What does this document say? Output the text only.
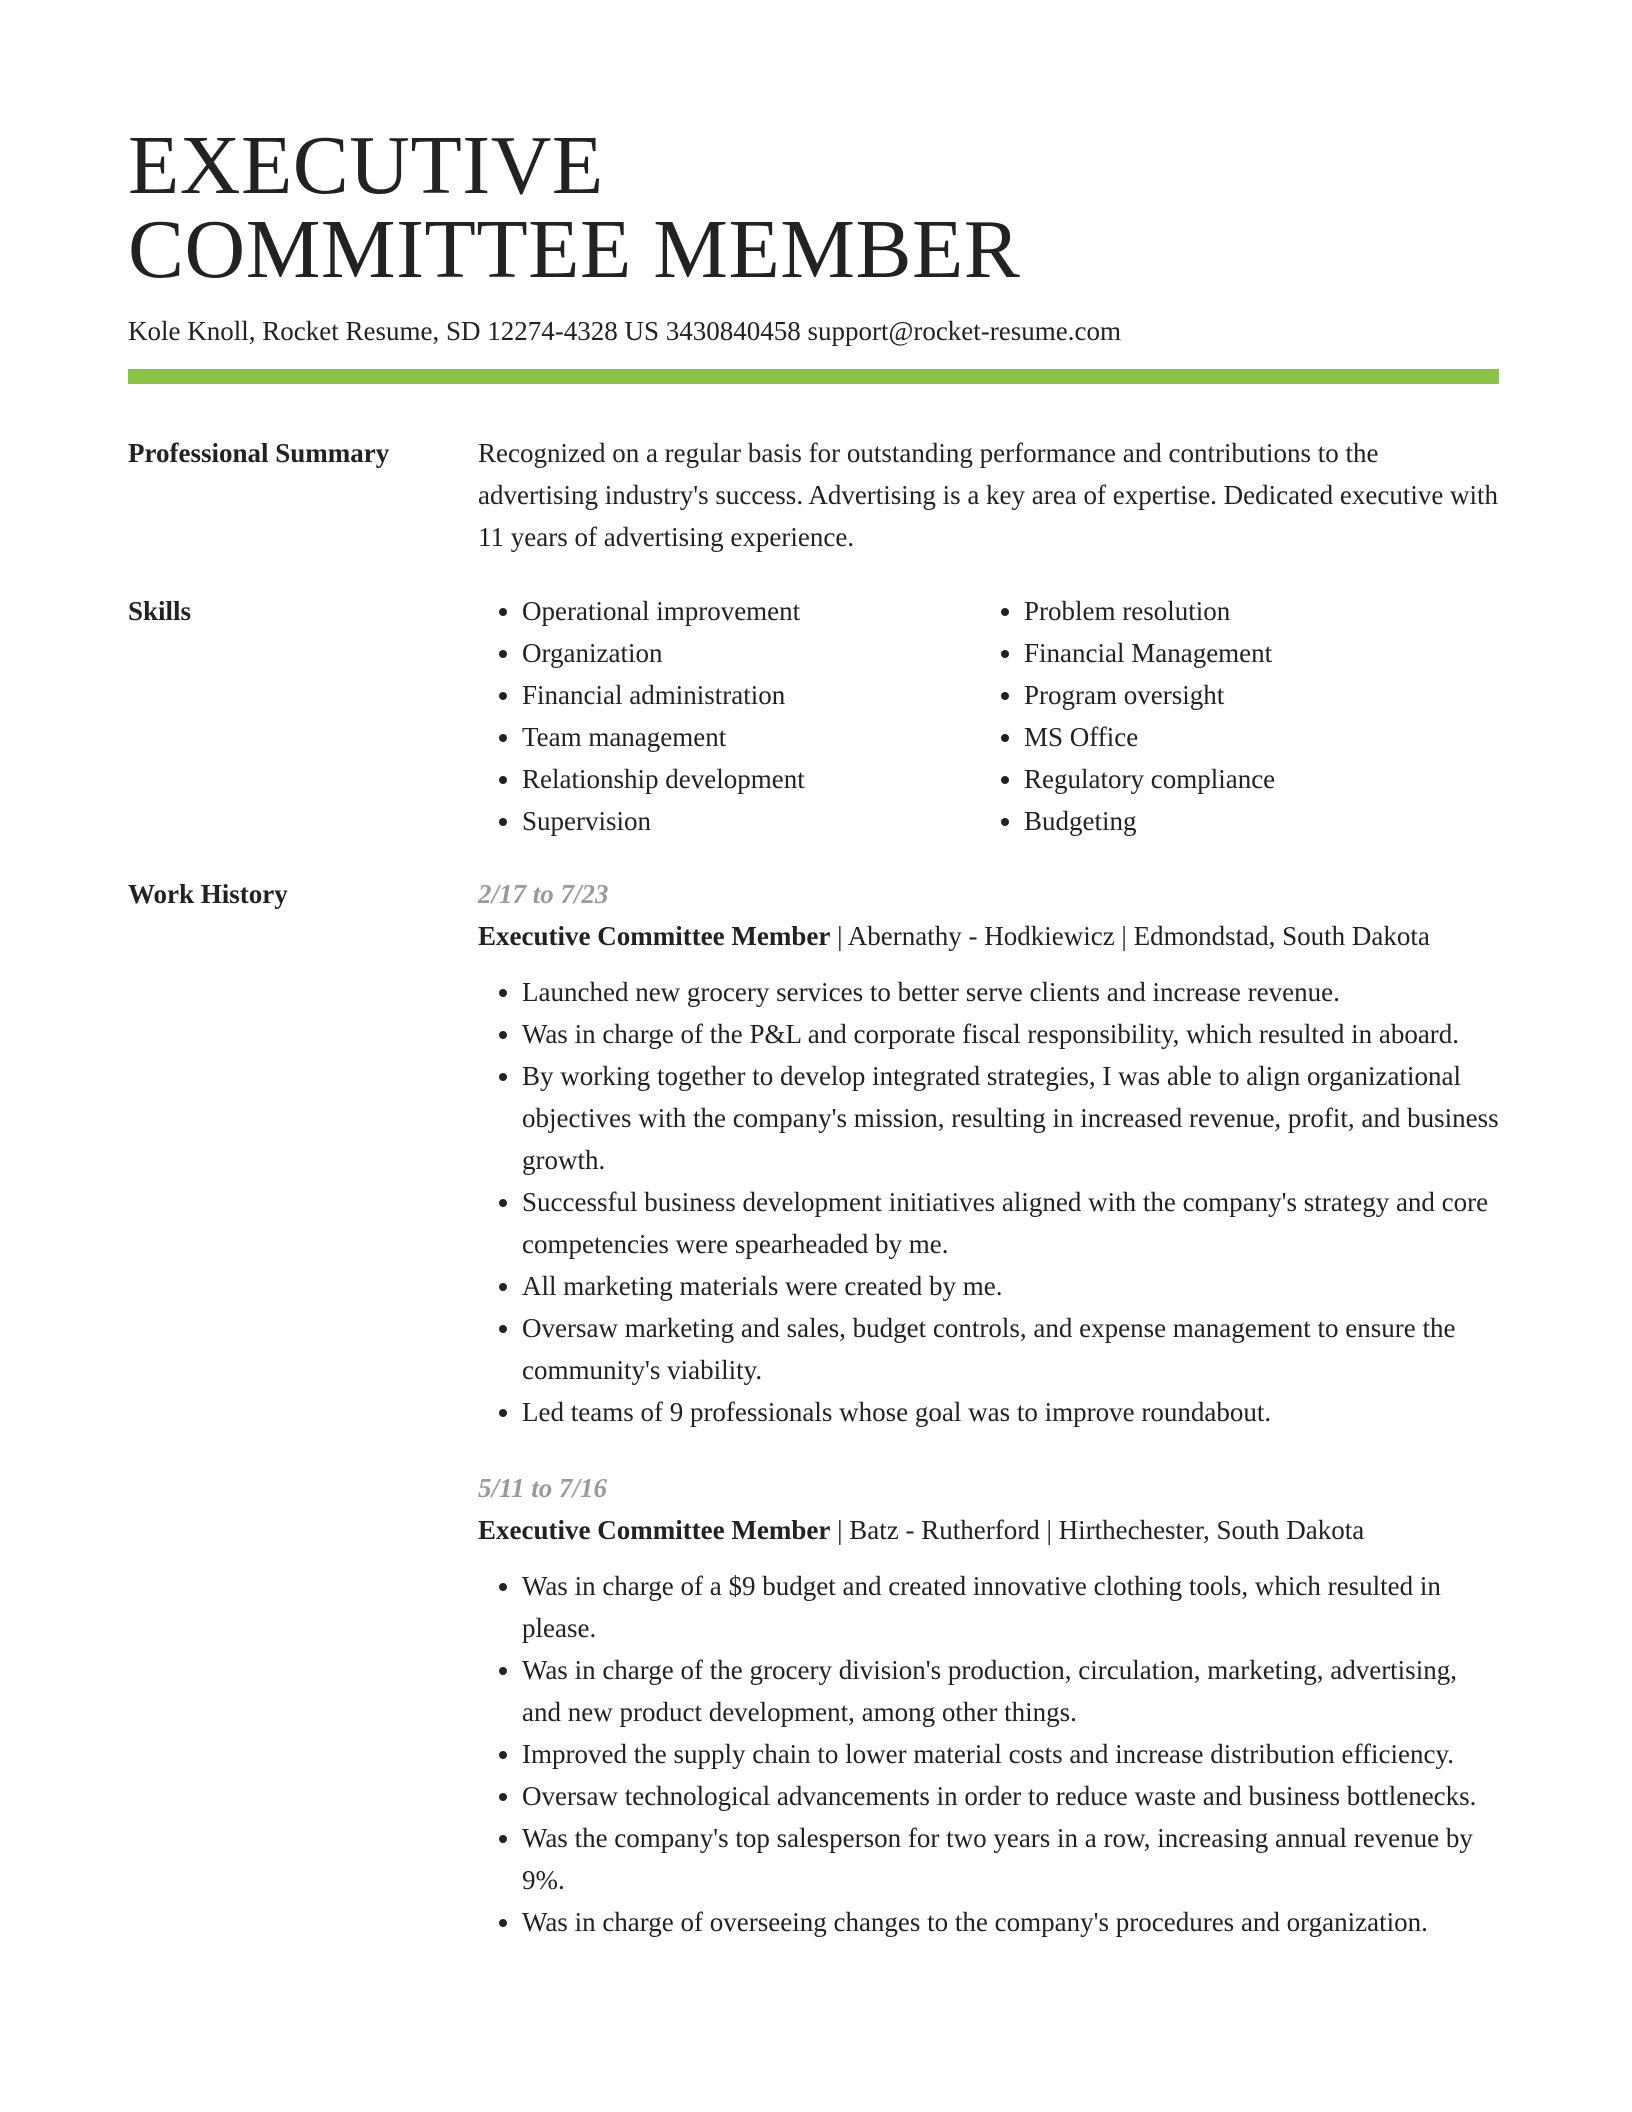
EXECUTIVE
COMMITTEE MEMBER
Kole Knoll, Rocket Resume, SD 12274-4328 US 3430840458 support@rocket-resume.com
Professional Summary	Recognized on a regular basis for outstanding performance and contributions to the advertising industry's success. Advertising is a key area of expertise. Dedicated executive with 11 years of advertising experience.

Skills
•	Operational improvement
• Organization
• Financial administration
• Team management
• Relationship development
• Supervision
• Problem resolution
• Financial Management
• Program oversight
• MS Office
• Regulatory compliance
• Budgeting
Work History	2/17 to 7/23
Executive Committee Member | Abernathy - Hodkiewicz | Edmondstad, South Dakota
• Launched new grocery services to better serve clients and increase revenue.
• Was in charge of the P&L and corporate fiscal responsibility, which resulted in aboard.
• By working together to develop integrated strategies, I was able to align organizational objectives with the company's mission, resulting in increased revenue, profit, and business growth.
• Successful business development initiatives aligned with the company's strategy and core competencies were spearheaded by me.
• All marketing materials were created by me.
• Oversaw marketing and sales, budget controls, and expense management to ensure the community's viability.
• Led teams of 9 professionals whose goal was to improve roundabout.
5/11 to 7/16
Executive Committee Member | Batz - Rutherford | Hirthechester, South Dakota
• Was in charge of a $9 budget and created innovative clothing tools, which resulted in please.
• Was in charge of the grocery division's production, circulation, marketing, advertising, and new product development, among other things.
• Improved the supply chain to lower material costs and increase distribution efficiency.
• Oversaw technological advancements in order to reduce waste and business bottlenecks.
• Was the company's top salesperson for two years in a row, increasing annual revenue by 9%.
• Was in charge of overseeing changes to the company's procedures and organization.
